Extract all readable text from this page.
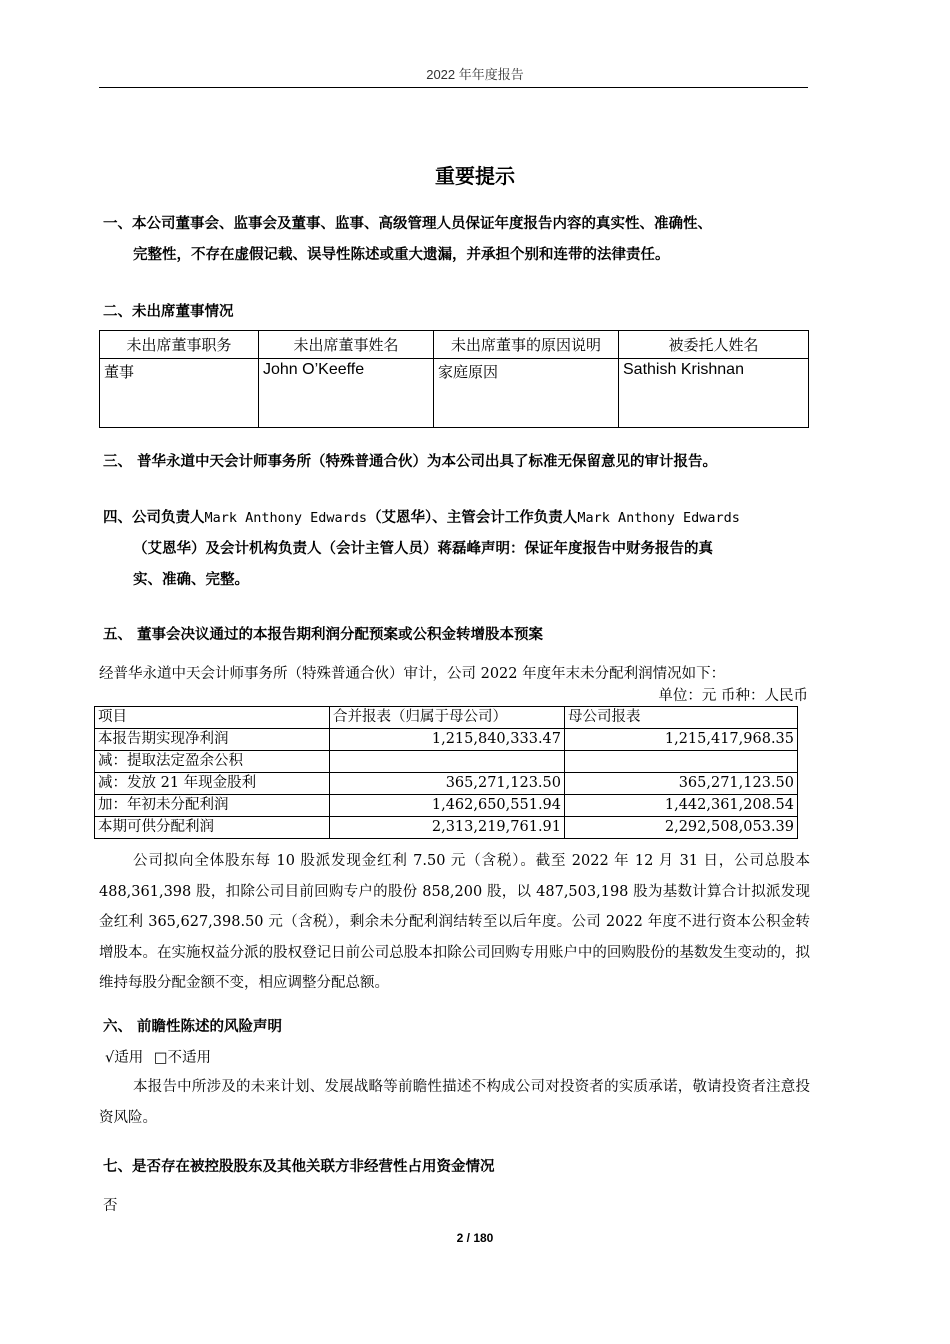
2022 年年度报告
重要提示
一、本公司董事会、监事会及董事、监事、高级管理人员保证年度报告内容的真实性、准确性、
完整性，不存在虚假记载、误导性陈述或重大遗漏，并承担个别和连带的法律责任。
二、未出席董事情况
未出席董事职务	未出席董事姓名	未出席董事的原因说明	被委托人姓名
董事	John O’Keeffe	家庭原因	Sathish Krishnan
三、 普华永道中天会计师事务所（特殊普通合伙）为本公司出具了标准无保留意见的审计报告。
四、公司负责人Mark Anthony Edwards（艾恩华）、主管会计工作负责人Mark Anthony Edwards
（艾恩华）及会计机构负责人（会计主管人员）蒋磊峰声明：保证年度报告中财务报告的真
实、准确、完整。
五、 董事会决议通过的本报告期利润分配预案或公积金转增股本预案
经普华永道中天会计师事务所（特殊普通合伙）审计，公司 2022 年度年末未分配利润情况如下：
单位：元 币种：人民币
项目	合并报表（归属于母公司）	母公司报表
本报告期实现净利润	1,215,840,333.47	1,215,417,968.35
减：提取法定盈余公积		
减：发放 21 年现金股利	365,271,123.50	365,271,123.50
加：年初未分配利润	1,462,650,551.94	1,442,361,208.54
本期可供分配利润	2,313,219,761.91	2,292,508,053.39

公司拟向全体股东每 10 股派发现金红利 7.50 元（含税）。截至 2022 年 12 月 31 日，公司总股本 488,361,398 股，扣除公司目前回购专户的股份 858,200 股，以 487,503,198 股为基数计算合计拟派发现金红利 365,627,398.50 元（含税），剩余未分配利润结转至以后年度。公司 2022 年度不进行资本公积金转增股本。在实施权益分派的股权登记日前公司总股本扣除公司回购专用账户中的回购股份的基数发生变动的，拟维持每股分配金额不变，相应调整分配总额。

六、 前瞻性陈述的风险声明
√适用 □不适用

本报告中所涉及的未来计划、发展战略等前瞻性描述不构成公司对投资者的实质承诺，敬请投资者注意投资风险。

七、是否存在被控股股东及其他关联方非经营性占用资金情况
否
2 / 180
